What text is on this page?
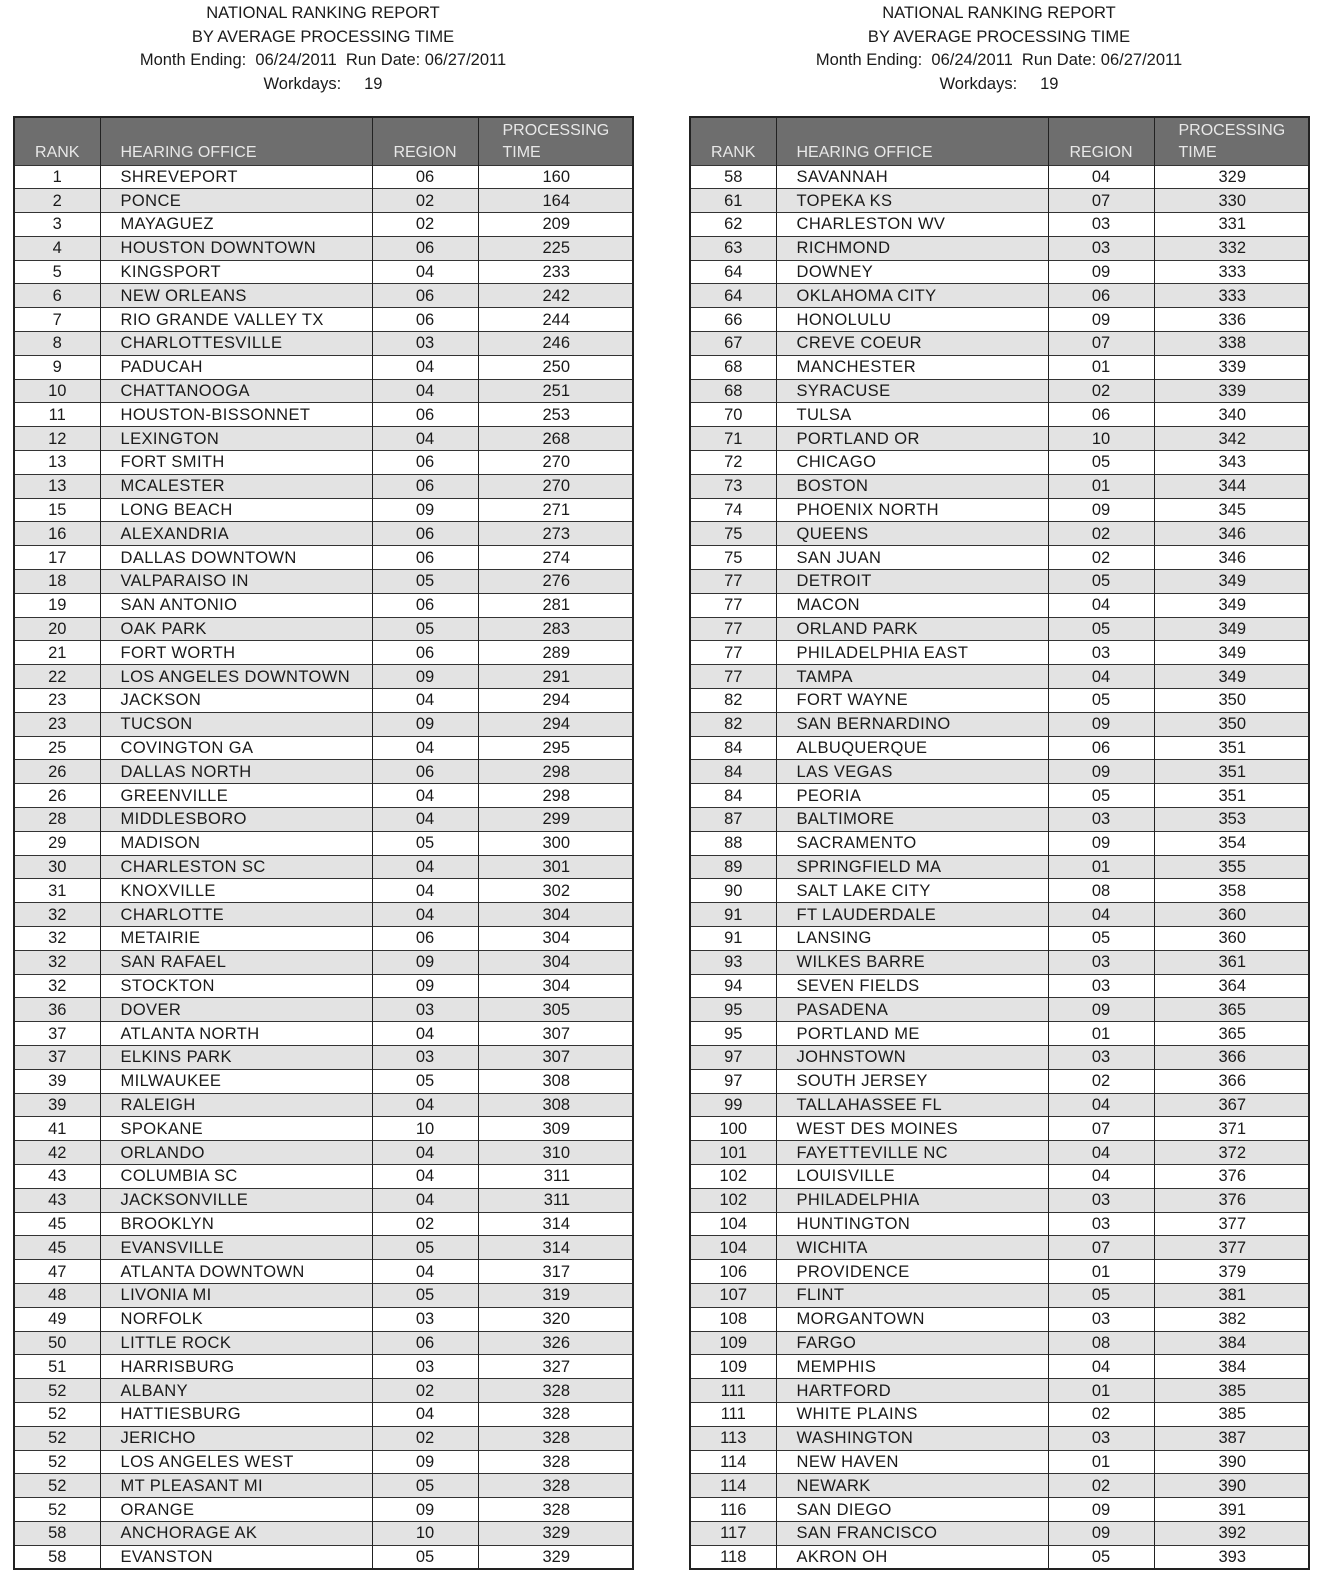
NATIONAL RANKING REPORT
BY AVERAGE PROCESSING TIME
Month Ending:  06/24/2011  Run Date: 06/27/2011
Workdays:     19
RANK	HEARING OFFICE	REGION	PROCESSING
TIME

1	SHREVEPORT	06	160
2	PONCE	02	164
3	MAYAGUEZ	02	209
4	HOUSTON DOWNTOWN	06	225
5	KINGSPORT	04	233
6	NEW ORLEANS	06	242
7	RIO GRANDE VALLEY TX	06	244
8	CHARLOTTESVILLE	03	246
9	PADUCAH	04	250
10	CHATTANOOGA	04	251
11	HOUSTON-BISSONNET	06	253
12	LEXINGTON	04	268
13	FORT SMITH	06	270
13	MCALESTER	06	270
15	LONG BEACH	09	271
16	ALEXANDRIA	06	273
17	DALLAS DOWNTOWN	06	274
18	VALPARAISO IN	05	276
19	SAN ANTONIO	06	281
20	OAK PARK	05	283
21	FORT WORTH	06	289
22	LOS ANGELES DOWNTOWN	09	291
23	JACKSON	04	294
23	TUCSON	09	294
25	COVINGTON GA	04	295
26	DALLAS NORTH	06	298
26	GREENVILLE	04	298
28	MIDDLESBORO	04	299
29	MADISON	05	300
30	CHARLESTON SC	04	301
31	KNOXVILLE	04	302
32	CHARLOTTE	04	304
32	METAIRIE	06	304
32	SAN RAFAEL	09	304
32	STOCKTON	09	304
36	DOVER	03	305
37	ATLANTA NORTH	04	307
37	ELKINS PARK	03	307
39	MILWAUKEE	05	308
39	RALEIGH	04	308
41	SPOKANE	10	309
42	ORLANDO	04	310
43	COLUMBIA SC	04	311
43	JACKSONVILLE	04	311
45	BROOKLYN	02	314
45	EVANSVILLE	05	314
47	ATLANTA DOWNTOWN	04	317
48	LIVONIA MI	05	319
49	NORFOLK	03	320
50	LITTLE ROCK	06	326
51	HARRISBURG	03	327
52	ALBANY	02	328
52	HATTIESBURG	04	328
52	JERICHO	02	328
52	LOS ANGELES WEST	09	328
52	MT PLEASANT MI	05	328
52	ORANGE	09	328
58	ANCHORAGE AK	10	329
58	EVANSTON	05	329
NATIONAL RANKING REPORT
BY AVERAGE PROCESSING TIME
Month Ending:  06/24/2011  Run Date: 06/27/2011
Workdays:     19
RANK	HEARING OFFICE	REGION	PROCESSING
TIME

58	SAVANNAH	04	329
61	TOPEKA KS	07	330
62	CHARLESTON WV	03	331
63	RICHMOND	03	332
64	DOWNEY	09	333
64	OKLAHOMA CITY	06	333
66	HONOLULU	09	336
67	CREVE COEUR	07	338
68	MANCHESTER	01	339
68	SYRACUSE	02	339
70	TULSA	06	340
71	PORTLAND OR	10	342
72	CHICAGO	05	343
73	BOSTON	01	344
74	PHOENIX NORTH	09	345
75	QUEENS	02	346
75	SAN JUAN	02	346
77	DETROIT	05	349
77	MACON	04	349
77	ORLAND PARK	05	349
77	PHILADELPHIA EAST	03	349
77	TAMPA	04	349
82	FORT WAYNE	05	350
82	SAN BERNARDINO	09	350
84	ALBUQUERQUE	06	351
84	LAS VEGAS	09	351
84	PEORIA	05	351
87	BALTIMORE	03	353
88	SACRAMENTO	09	354
89	SPRINGFIELD MA	01	355
90	SALT LAKE CITY	08	358
91	FT LAUDERDALE	04	360
91	LANSING	05	360
93	WILKES BARRE	03	361
94	SEVEN FIELDS	03	364
95	PASADENA	09	365
95	PORTLAND ME	01	365
97	JOHNSTOWN	03	366
97	SOUTH JERSEY	02	366
99	TALLAHASSEE FL	04	367
100	WEST DES MOINES	07	371
101	FAYETTEVILLE NC	04	372
102	LOUISVILLE	04	376
102	PHILADELPHIA	03	376
104	HUNTINGTON	03	377
104	WICHITA	07	377
106	PROVIDENCE	01	379
107	FLINT	05	381
108	MORGANTOWN	03	382
109	FARGO	08	384
109	MEMPHIS	04	384
111	HARTFORD	01	385
111	WHITE PLAINS	02	385
113	WASHINGTON	03	387
114	NEW HAVEN	01	390
114	NEWARK	02	390
116	SAN DIEGO	09	391
117	SAN FRANCISCO	09	392
118	AKRON OH	05	393
